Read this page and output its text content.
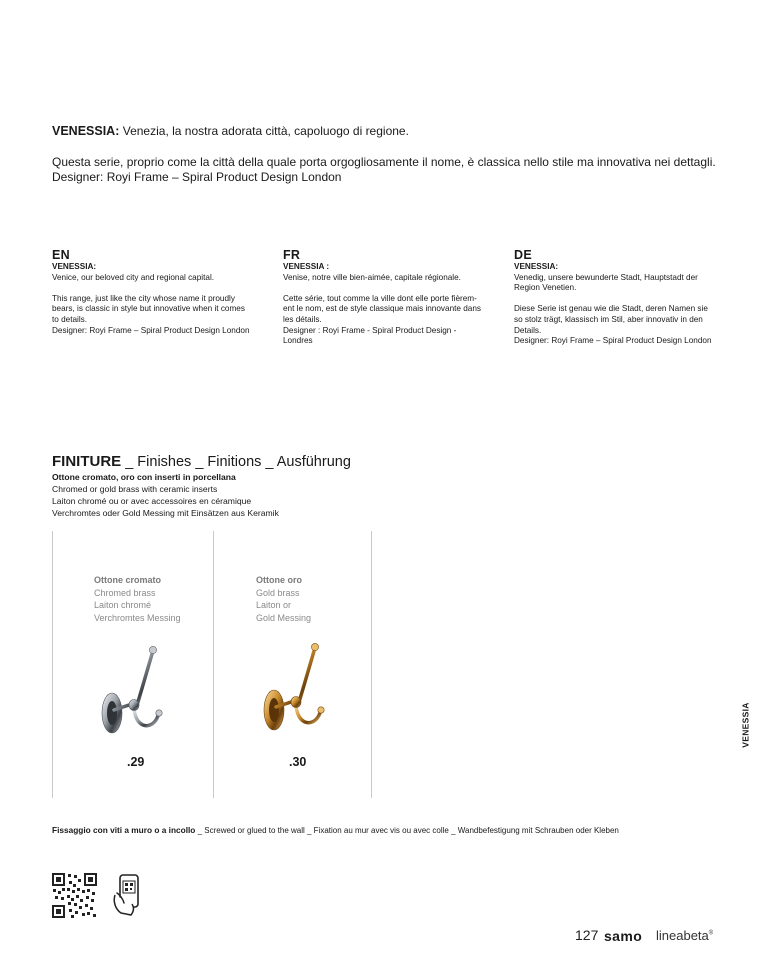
VENESSIA: Venezia, la nostra adorata città, capoluogo di regione.
Questa serie, proprio come la città della quale porta orgogliosamente il nome, è classica nello stile ma innovativa nei dettagli.
Designer: Royi Frame – Spiral Product Design London
EN
VENESSIA:
Venice, our beloved city and regional capital.
This range, just like the city whose name it proudly
bears, is classic in style but innovative when it comes
to details.
Designer: Royi Frame – Spiral Product Design London
FR
VENESSIA :
Venise, notre ville bien-aimée, capitale régionale.
Cette série, tout comme la ville dont elle porte fièrem-
ent le nom, est de style classique mais innovante dans
les détails.
Designer : Royi Frame - Spiral Product Design - Londres
DE
VENESSIA:
Venedig, unsere bewunderte Stadt, Hauptstadt der
Region Venetien.
Diese Serie ist genau wie die Stadt, deren Namen sie
so stolz trägt, klassisch im Stil, aber innovativ in den
Details.
Designer: Royi Frame – Spiral Product Design London
FINITURE _ Finishes _ Finitions _ Ausführung
Ottone cromato, oro con inserti in porcellana
Chromed or gold brass with ceramic inserts
Laiton chromé ou or avec accessoires en céramique
Verchromtes oder Gold Messing mit Einsätzen aus Keramik
Ottone cromato
Chromed brass
Laiton chromé
Verchromtes Messing
.29
Ottone oro
Gold brass
Laiton or
Gold Messing
.30
VENESSIA
Fissaggio con viti a muro o a incollo _ Screwed or glued to the wall _ Fixation au mur avec vis ou avec colle _ Wandbefestigung mit Schrauben oder Kleben
127 samo lineabeta®
